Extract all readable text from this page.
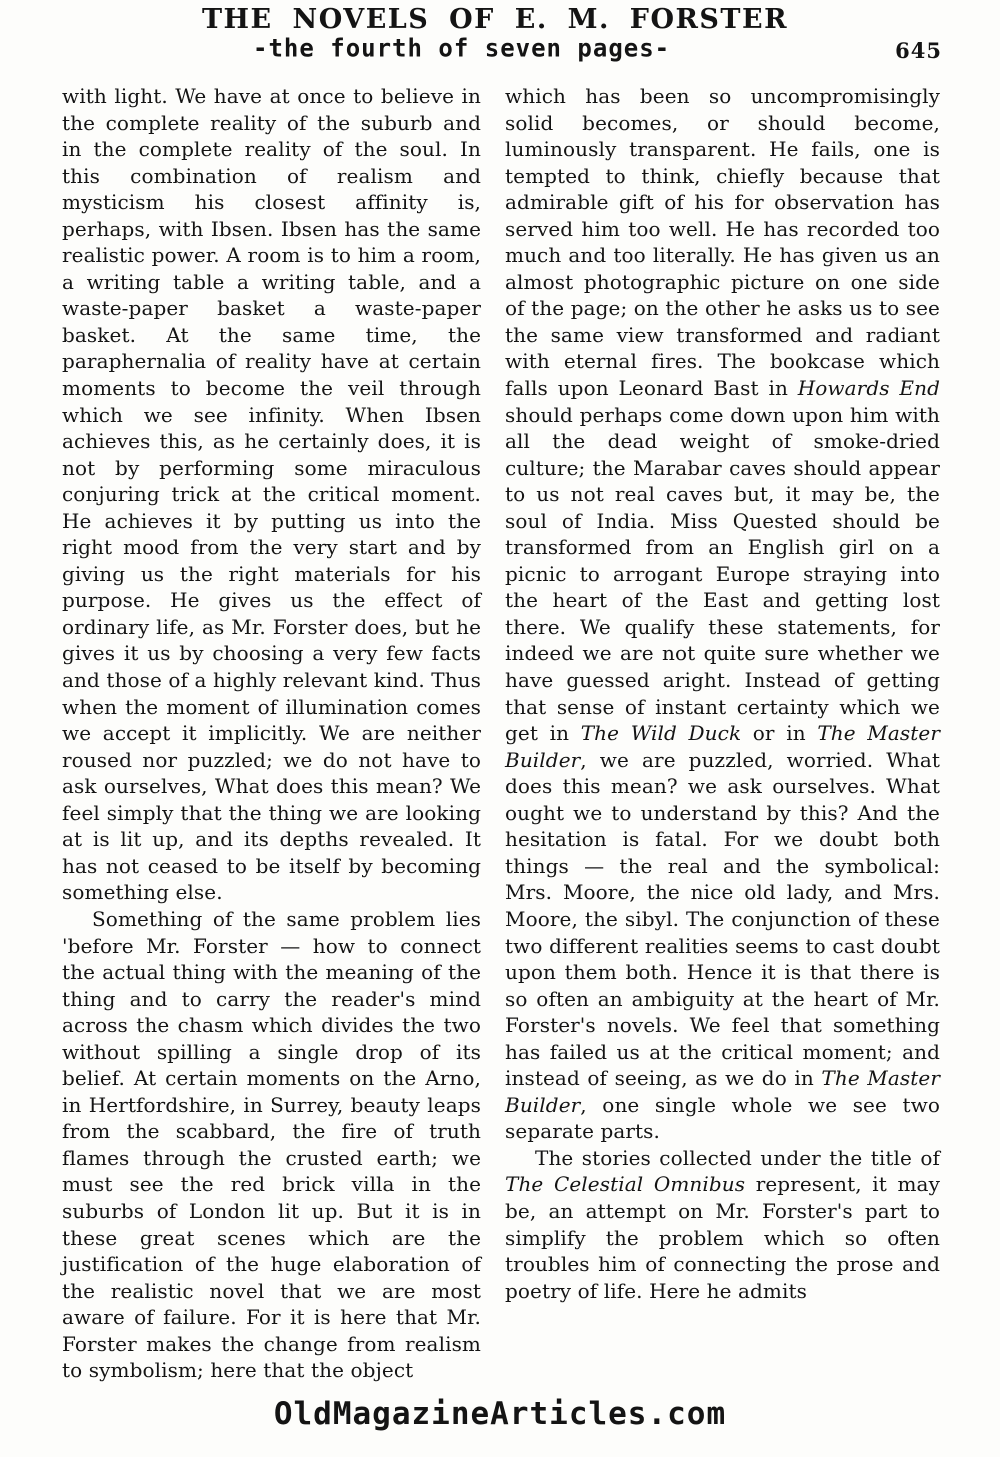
THE NOVELS OF E. M. FORSTER
-the fourth of seven pages-	645

with light. We have at once to believe in the complete reality of the suburb and in the complete reality of the soul. In this combination of realism and mysticism his closest affinity is, perhaps, with Ibsen. Ibsen has the same realistic power. A room is to him a room, a writing table a writing table, and a waste-paper basket a waste-paper basket. At the same time, the paraphernalia of reality have at certain moments to become the veil through which we see infinity. When Ibsen achieves this, as he certainly does, it is not by performing some miraculous conjuring trick at the critical moment. He achieves it by putting us into the right mood from the very start and by giving us the right materials for his purpose. He gives us the effect of ordinary life, as Mr. Forster does, but he gives it us by choosing a very few facts and those of a highly relevant kind. Thus when the moment of illumination comes we accept it implicitly. We are neither roused nor puzzled; we do not have to ask ourselves, What does this mean? We feel simply that the thing we are looking at is lit up, and its depths revealed. It has not ceased to be itself by becoming something else.

Something of the same problem lies 'before Mr. Forster — how to connect the actual thing with the meaning of the thing and to carry the reader's mind across the chasm which divides the two without spilling a single drop of its belief. At certain moments on the Arno, in Hertfordshire, in Surrey, beauty leaps from the scabbard, the fire of truth flames through the crusted earth; we must see the red brick villa in the suburbs of London lit up. But it is in these great scenes which are the justification of the huge elaboration of the realistic novel that we are most aware of failure. For it is here that Mr. Forster makes the change from realism to symbolism; here that the object

which has been so uncompromisingly solid becomes, or should become, luminously transparent. He fails, one is tempted to think, chiefly because that admirable gift of his for observation has served him too well. He has recorded too much and too literally. He has given us an almost photographic picture on one side of the page; on the other he asks us to see the same view transformed and radiant with eternal fires. The bookcase which falls upon Leonard Bast in Howards End should perhaps come down upon him with all the dead weight of smoke-dried culture; the Marabar caves should appear to us not real caves but, it may be, the soul of India. Miss Quested should be transformed from an English girl on a picnic to arrogant Europe straying into the heart of the East and getting lost there. We qualify these statements, for indeed we are not quite sure whether we have guessed aright. Instead of getting that sense of instant certainty which we get in The Wild Duck or in The Master Builder, we are puzzled, worried. What does this mean? we ask ourselves. What ought we to understand by this? And the hesitation is fatal. For we doubt both things — the real and the symbolical: Mrs. Moore, the nice old lady, and Mrs. Moore, the sibyl. The conjunction of these two different realities seems to cast doubt upon them both. Hence it is that there is so often an ambiguity at the heart of Mr. Forster's novels. We feel that something has failed us at the critical moment; and instead of seeing, as we do in The Master Builder, one single whole we see two separate parts.

The stories collected under the title of The Celestial Omnibus represent, it may be, an attempt on Mr. Forster's part to simplify the problem which so often troubles him of connecting the prose and poetry of life. Here he admits

OldMagazineArticles.com
